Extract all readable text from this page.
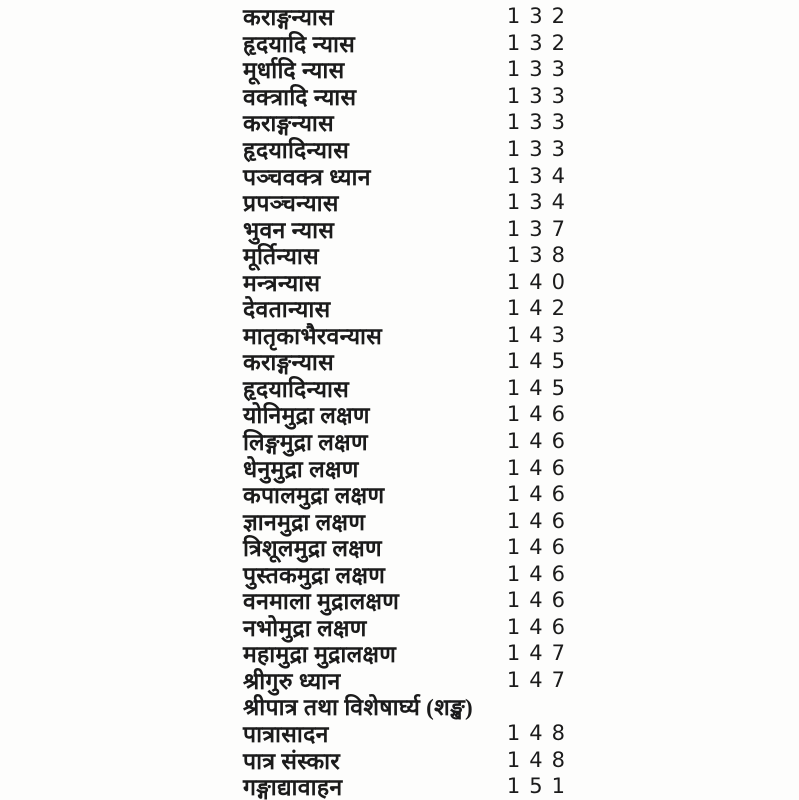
कराङ्गन्यास	132
हृदयादि न्यास	132
मूर्धादि न्यास	133
वक्त्रादि न्यास	133
कराङ्गन्यास	133
हृदयादिन्यास	133
पञ्चवक्त्र ध्यान	134
प्रपञ्चन्यास	134
भुवन न्यास	137
मूर्तिन्यास	138
मन्त्रन्यास	140
देवतान्यास	142
मातृकाभैरवन्यास	143
कराङ्गन्यास	145
हृदयादिन्यास	145
योनिमुद्रा लक्षण	146
लिङ्गमुद्रा लक्षण	146
धेनुमुद्रा लक्षण	146
कपालमुद्रा लक्षण	146
ज्ञानमुद्रा लक्षण	146
त्रिशूलमुद्रा लक्षण	146
पुस्तकमुद्रा लक्षण	146
वनमाला मुद्रालक्षण	146
नभोमुद्रा लक्षण	146
महामुद्रा मुद्रालक्षण	147
श्रीगुरु ध्यान	147
श्रीपात्र तथा विशेषार्घ्य (शङ्ख)
पात्रासादन	148
पात्र संस्कार	148
गङ्गाद्यावाहन	151
